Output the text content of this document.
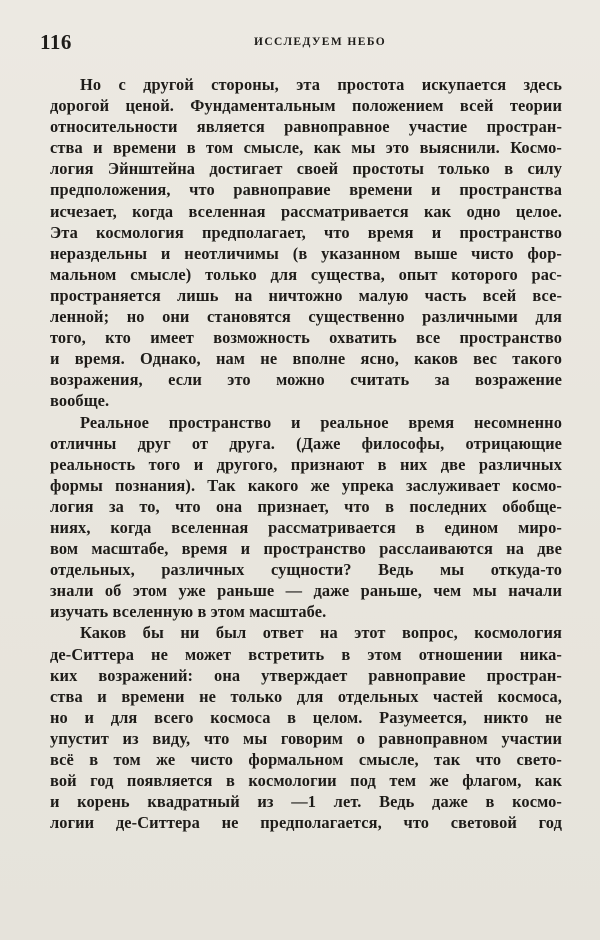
116	ИССЛЕДУЕМ НЕБО
Но с другой стороны, эта простота искупается здесь
дорогой ценой. Фундаментальным положением всей теории
относительности является равноправное участие простран-
ства и времени в том смысле, как мы это выяснили. Космо-
логия Эйнштейна достигает своей простоты только в силу
предположения, что равноправие времени и пространства
исчезает, когда вселенная рассматривается как одно целое.
Эта космология предполагает, что время и пространство
нераздельны и неотличимы (в указанном выше чисто фор-
мальном смысле) только для существа, опыт которого рас-
пространяется лишь на ничтожно малую часть всей все-
ленной; но они становятся существенно различными для
того, кто имеет возможность охватить все пространство
и время. Однако, нам не вполне ясно, каков вес такого
возражения, если это можно считать за возражение
вообще.
Реальное пространство и реальное время несомненно
отличны друг от друга. (Даже философы, отрицающие
реальность того и другого, признают в них две различных
формы познания). Так какого же упрека заслуживает космо-
логия за то, что она признает, что в последних обобще-
ниях, когда вселенная рассматривается в едином миро-
вом масштабе, время и пространство расслаиваются на две
отдельных, различных сущности? Ведь мы откуда-то
знали об этом уже раньше — даже раньше, чем мы начали
изучать вселенную в этом масштабе.
Каков бы ни был ответ на этот вопрос, космология
де-Ситтера не может встретить в этом отношении ника-
ких возражений: она утверждает равноправие простран-
ства и времени не только для отдельных частей космоса,
но и для всего космоса в целом. Разумеется, никто не
упустит из виду, что мы говорим о равноправном участии
всё в том же чисто формальном смысле, так что свето-
вой год появляется в космологии под тем же флагом, как
и корень квадратный из —1 лет. Ведь даже в космо-
логии де-Ситтера не предполагается, что световой год
